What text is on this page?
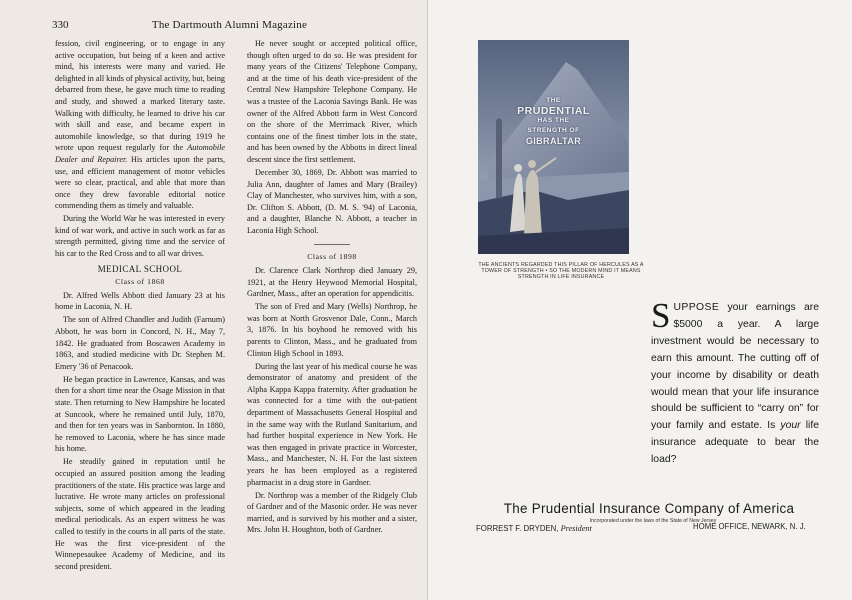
330	The Dartmouth Alumni Magazine

fession, civil engineering, or to engage in any active occupation, but being of a keen and active mind, his interests were many and varied. He delighted in all kinds of physical activity, but, being debarred from these, he gave much time to reading and study, and showed a marked literary taste. Walking with difficulty, he learned to drive his car with skill and ease, and became expert in automobile knowledge, so that during 1919 he wrote upon request regularly for the Automobile Dealer and Repairer. His articles upon the parts, use, and efficient management of motor vehicles were so clear, practical, and able that more than once they drew favorable editorial notice commending them as timely and valuable.

During the World War he was interested in every kind of war work, and active in such work as far as strength permitted, giving time and the service of his car to the Red Cross and to all war drives.

MEDICAL SCHOOL
Class of 1868

Dr. Alfred Wells Abbott died January 23 at his home in Laconia, N. H.

The son of Alfred Chandler and Judith (Farnum) Abbott, he was born in Concord, N. H., May 7, 1842. He graduated from Boscawen Academy in 1863, and studied medicine with Dr. Stephen M. Emery '36 of Penacook.

He began practice in Lawrence, Kansas, and was then for a short time near the Osage Mission in that state. Then returning to New Hampshire he located at Suncook, where he remained until July, 1870, and then for ten years was in Sanbornton. In 1880, he removed to Laconia, where he has since made his home.

He steadily gained in reputation until he occupied an assured position among the leading practitioners of the state. His practice was large and lucrative. He wrote many articles on professional subjects, some of which appeared in the leading medical periodicals. As an expert witness he was called to testify in the courts in all parts of the state. He was the first vice-president of the Winnepesaukee Academy of Medicine, and its second president.

He never sought or accepted political office, though often urged to do so. He was president for many years of the Citizens' Telephone Company, and at the time of his death vice-president of the Central New Hampshire Telephone Company. He was a trustee of the Laconia Savings Bank. He was owner of the Alfred Abbott farm in West Concord on the shore of the Merrimack River, which contains one of the finest timber lots in the state, and has been owned by the Abbotts in direct lineal descent since the first settlement.

December 30, 1869, Dr. Abbott was married to Julia Ann, daughter of James and Mary (Brailey) Clay of Manchester, who survives him, with a son, Dr. Clifton S. Abbott, (D. M. S. '94) of Laconia, and a daughter, Blanche N. Abbott, a teacher in Laconia High School.

Class of 1898

Dr. Clarence Clark Northrop died January 29, 1921, at the Henry Heywood Memorial Hospital, Gardner, Mass., after an operation for appendicitis.

The son of Fred and Mary (Wells) Northrop, he was born at North Grosvenor Dale, Conn., March 3, 1876. In his boyhood he removed with his parents to Clinton, Mass., and he graduated from Clinton High School in 1893.

During the last year of his medical course he was demonstrator of anatomy and president of the Alpha Kappa Kappa fraternity. After graduation he was connected for a time with the out-patient department of Massachusetts General Hospital and in the same way with the Rutland Sanitarium, and had further hospital experience in New York. He was then engaged in private practice in Worcester, Mass., and Manchester, N. H. For the last sixteen years he has been employed as a registered pharmacist in a drug store in Gardner.

Dr. Northrop was a member of the Ridgely Club of Gardner and of the Masonic order. He was never married, and is survived by his mother and a sister, Mrs. John H. Houghton, both of Gardner.

THE
PRUDENTIAL
HAS THE
STRENGTH OF
GIBRALTAR
THE ANCIENTS REGARDED THIS PILLAR OF HERCULES AS A TOWER OF STRENGTH • SO THE MODERN MIND IT MEANS STRENGTH IN LIFE INSURANCE
SUPPOSE your earnings are $5000 a year. A large investment would be necessary to earn this amount. The cutting off of your income by disability or death would mean that your life insurance should be sufficient to “carry on” for your family and estate. Is your life insurance adequate to bear the load?
The Prudential Insurance Company of America
Incorporated under the laws of the State of New Jersey
FORREST F. DRYDEN, President	HOME OFFICE, NEWARK, N. J.
